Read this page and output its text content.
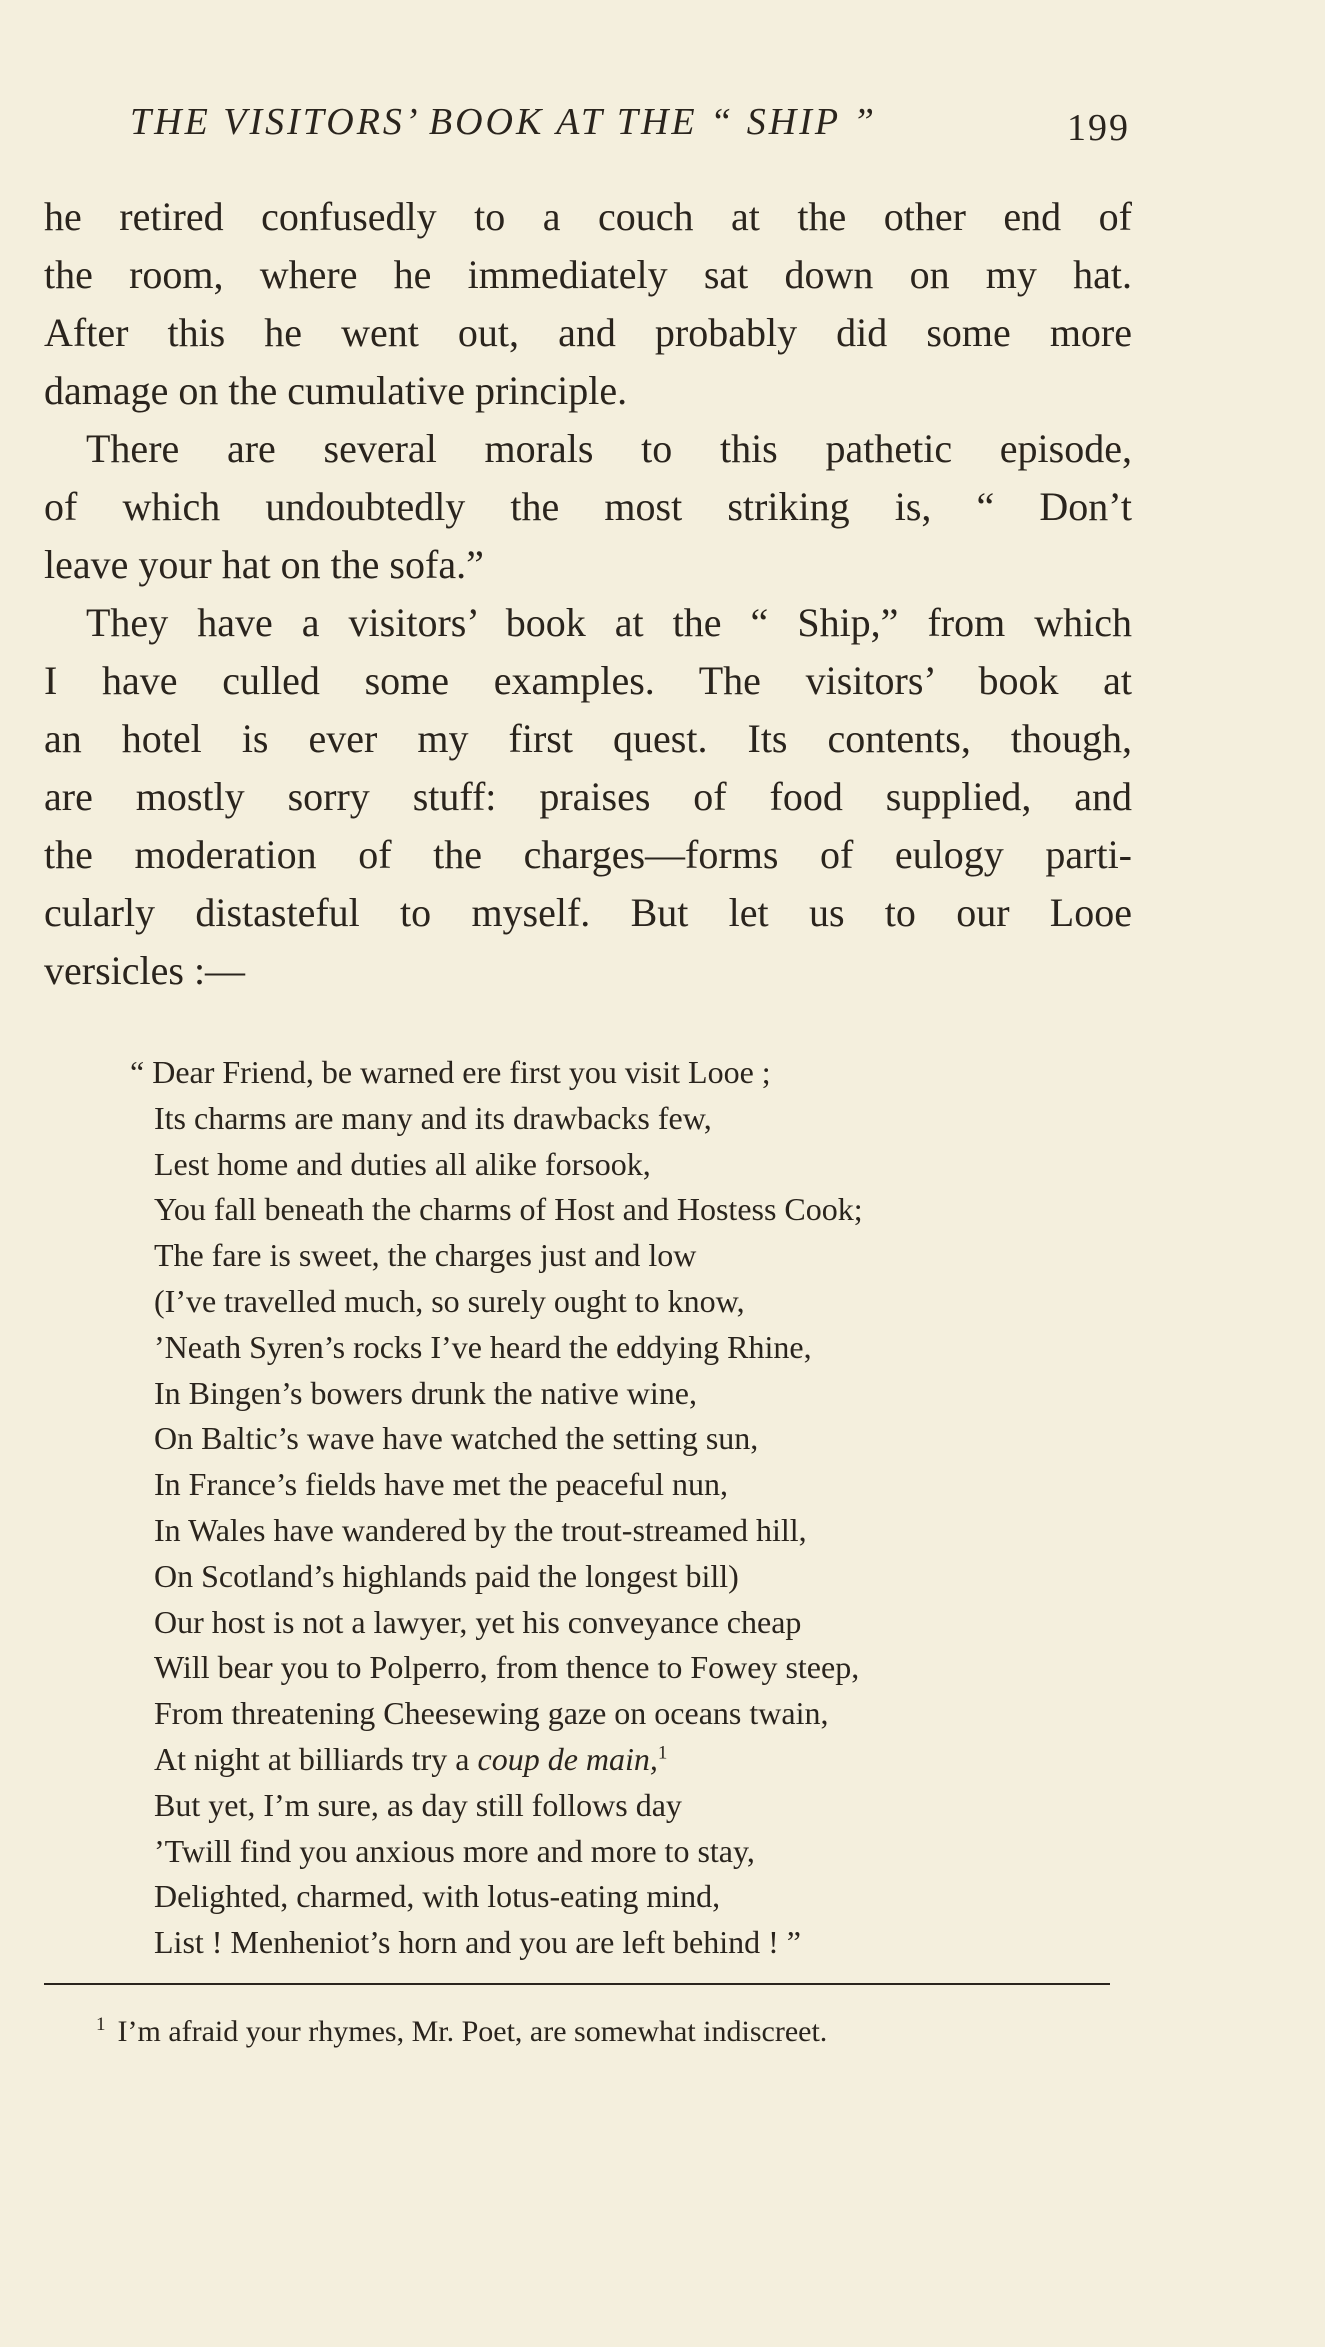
THE VISITORS’ BOOK AT THE “ SHIP ”	199
he retired confusedly to a couch at the other end of
the room, where he immediately sat down on my hat.
After this he went out, and probably did some more
damage on the cumulative principle.
There are several morals to this pathetic episode,
of which undoubtedly the most striking is, “ Don’t
leave your hat on the sofa.”
They have a visitors’ book at the “ Ship,” from which
I have culled some examples. The visitors’ book at
an hotel is ever my first quest. Its contents, though,
are mostly sorry stuff: praises of food supplied, and
the moderation of the charges—forms of eulogy parti-
cularly distasteful to myself. But let us to our Looe
versicles :—
“ Dear Friend, be warned ere first you visit Looe ;
Its charms are many and its drawbacks few,
Lest home and duties all alike forsook,
You fall beneath the charms of Host and Hostess Cook;
The fare is sweet, the charges just and low
(I’ve travelled much, so surely ought to know,
’Neath Syren’s rocks I’ve heard the eddying Rhine,
In Bingen’s bowers drunk the native wine,
On Baltic’s wave have watched the setting sun,
In France’s fields have met the peaceful nun,
In Wales have wandered by the trout-streamed hill,
On Scotland’s highlands paid the longest bill)
Our host is not a lawyer, yet his conveyance cheap
Will bear you to Polperro, from thence to Fowey steep,
From threatening Cheesewing gaze on oceans twain,
At night at billiards try a coup de main,$^1$
But yet, I’m sure, as day still follows day
’Twill find you anxious more and more to stay,
Delighted, charmed, with lotus-eating mind,
List ! Menheniot’s horn and you are left behind ! ”
$^1$ I’m afraid your rhymes, Mr. Poet, are somewhat indiscreet.
